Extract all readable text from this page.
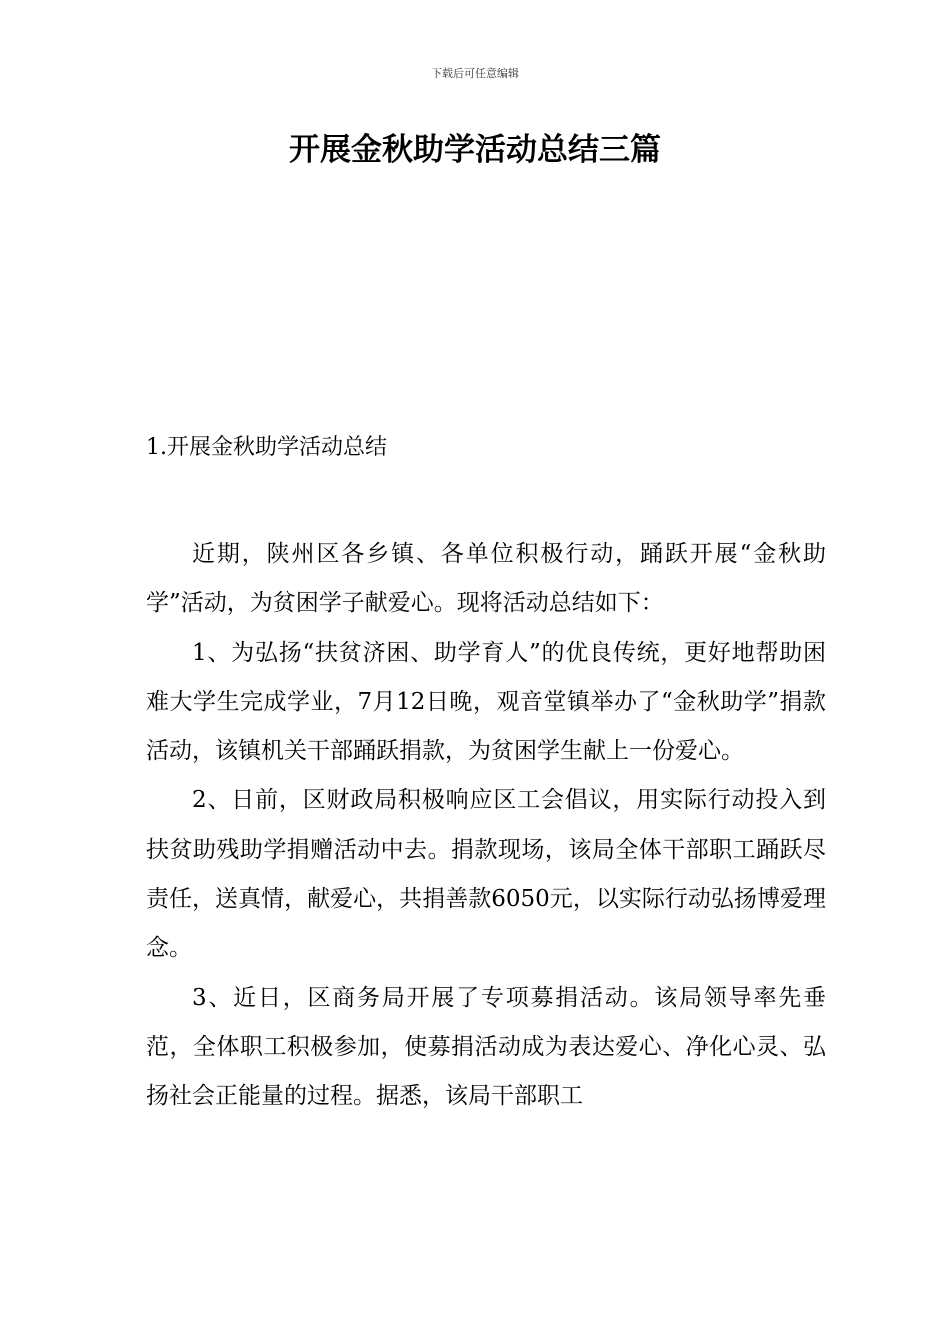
下载后可任意编辑
开展金秋助学活动总结三篇
1.开展金秋助学活动总结

近期，陕州区各乡镇、各单位积极行动，踊跃开展“金秋助学”活动，为贫困学子献爱心。现将活动总结如下：

1、为弘扬“扶贫济困、助学育人”的优良传统，更好地帮助困难大学生完成学业，7月12日晚，观音堂镇举办了“金秋助学”捐款活动，该镇机关干部踊跃捐款，为贫困学生献上一份爱心。

2、日前，区财政局积极响应区工会倡议，用实际行动投入到扶贫助残助学捐赠活动中去。捐款现场，该局全体干部职工踊跃尽责任，送真情，献爱心，共捐善款6050元，以实际行动弘扬博爱理念。

3、近日，区商务局开展了专项募捐活动。该局领导率先垂范，全体职工积极参加，使募捐活动成为表达爱心、净化心灵、弘扬社会正能量的过程。据悉，该局干部职工
